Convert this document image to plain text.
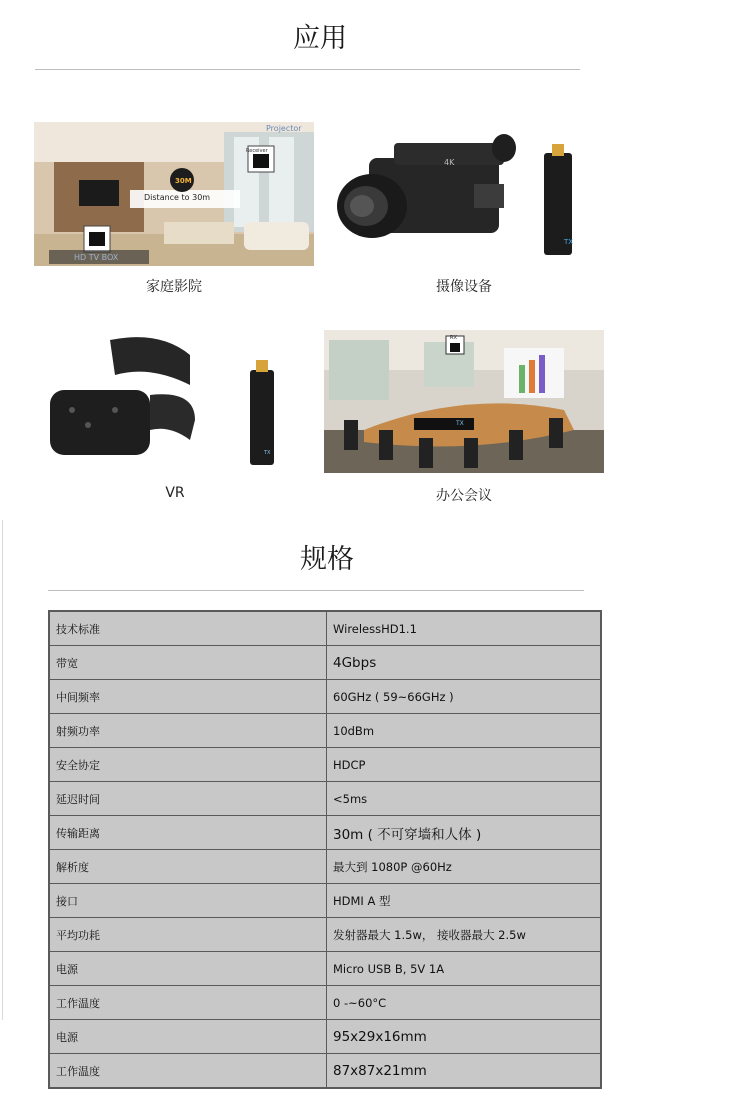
应用
Distance to 30m
30M
Projector
Receiver
HD TV BOX
家庭影院
4K
TX
摄像设备
TX
VR
RX
TX
办公会议
规格
技术标准	WirelessHD1.1
带宽	4Gbps
中间频率	60GHz ( 59~66GHz )
射频功率	10dBm
安全协定	HDCP
延迟时间	<5ms
传输距离	30m ( 不可穿墙和人体 )
解析度	最大到 1080P @60Hz
接口	HDMI A 型
平均功耗	发射器最大 1.5w， 接收器最大 2.5w
电源	Micro USB B, 5V 1A
工作温度	0 -~60°C
电源	95x29x16mm
工作温度	87x87x21mm
